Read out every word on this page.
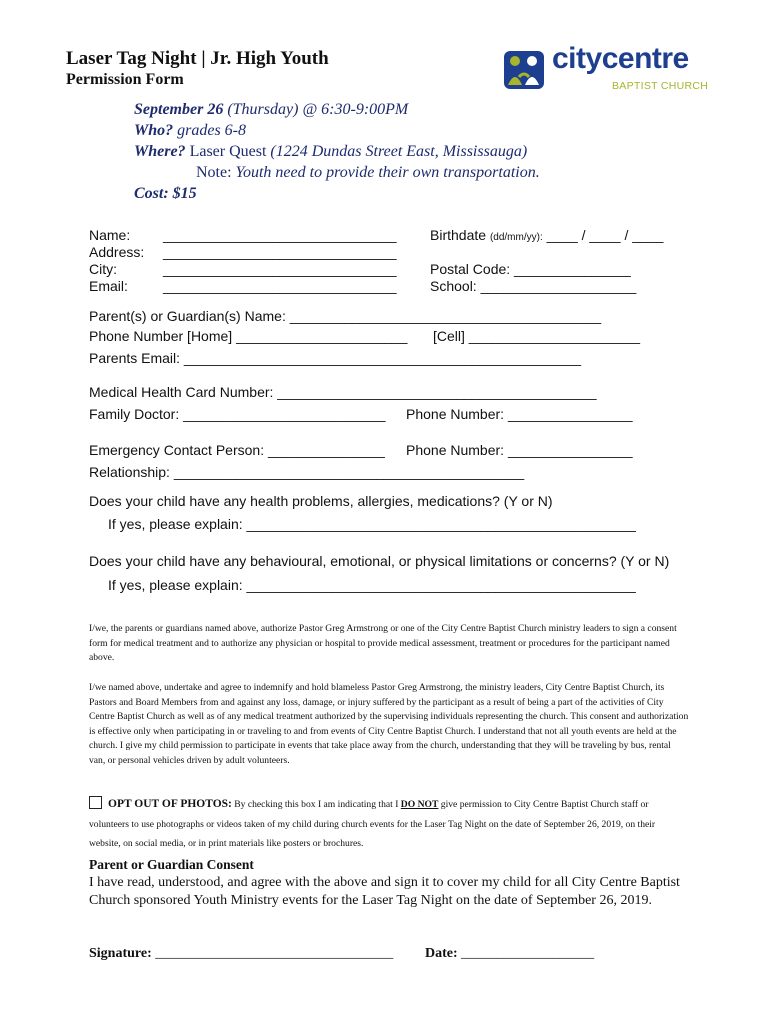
Laser Tag Night | Jr. High Youth
Permission Form
citycentre
BAPTIST CHURCH
September 26 (Thursday) @ 6:30-9:00PM
Who? grades 6-8
Where? Laser Quest (1224 Dundas Street East, Mississauga)
Note: Youth need to provide their own transportation.
Cost: $15
Name:
Address:
City:
Email:
______________________________
______________________________
______________________________
______________________________
Birthdate (dd/mm/yy): ____ / ____ / ____
Postal Code: _______________
School: ____________________
Parent(s) or Guardian(s) Name: ________________________________________
Phone Number [Home] ______________________ [Cell] ______________________
Parents Email: ___________________________________________________
Medical Health Card Number: _________________________________________
Family Doctor: __________________________ Phone Number: ________________
Emergency Contact Person: _______________ Phone Number: ________________
Relationship: _____________________________________________
Does your child have any health problems, allergies, medications? (Y or N)
If yes, please explain: __________________________________________________
Does your child have any behavioural, emotional, or physical limitations or concerns? (Y or N)
If yes, please explain: __________________________________________________
I/we, the parents or guardians named above, authorize Pastor Greg Armstrong or one of the City Centre Baptist Church ministry leaders to sign a consent form for medical treatment and to authorize any physician or hospital to provide medical assessment, treatment or procedures for the participant named above.
I/we named above, undertake and agree to indemnify and hold blameless Pastor Greg Armstrong, the ministry leaders, City Centre Baptist Church, its Pastors and Board Members from and against any loss, damage, or injury suffered by the participant as a result of being a part of the activities of City Centre Baptist Church as well as of any medical treatment authorized by the supervising individuals representing the church. This consent and authorization is effective only when participating in or traveling to and from events of City Centre Baptist Church. I understand that not all youth events are held at the church. I give my child permission to participate in events that take place away from the church, understanding that they will be traveling by bus, rental van, or personal vehicles driven by adult volunteers.
OPT OUT OF PHOTOS: By checking this box I am indicating that I DO NOT give permission to City Centre Baptist Church staff or volunteers to use photographs or videos taken of my child during church events for the Laser Tag Night on the date of September 26, 2019, on their website, on social media, or in print materials like posters or brochures.
Parent or Guardian Consent
I have read, understood, and agree with the above and sign it to cover my child for all City Centre Baptist Church sponsored Youth Ministry events for the Laser Tag Night on the date of September 26, 2019.
Signature: __________________________________ Date: ___________________
